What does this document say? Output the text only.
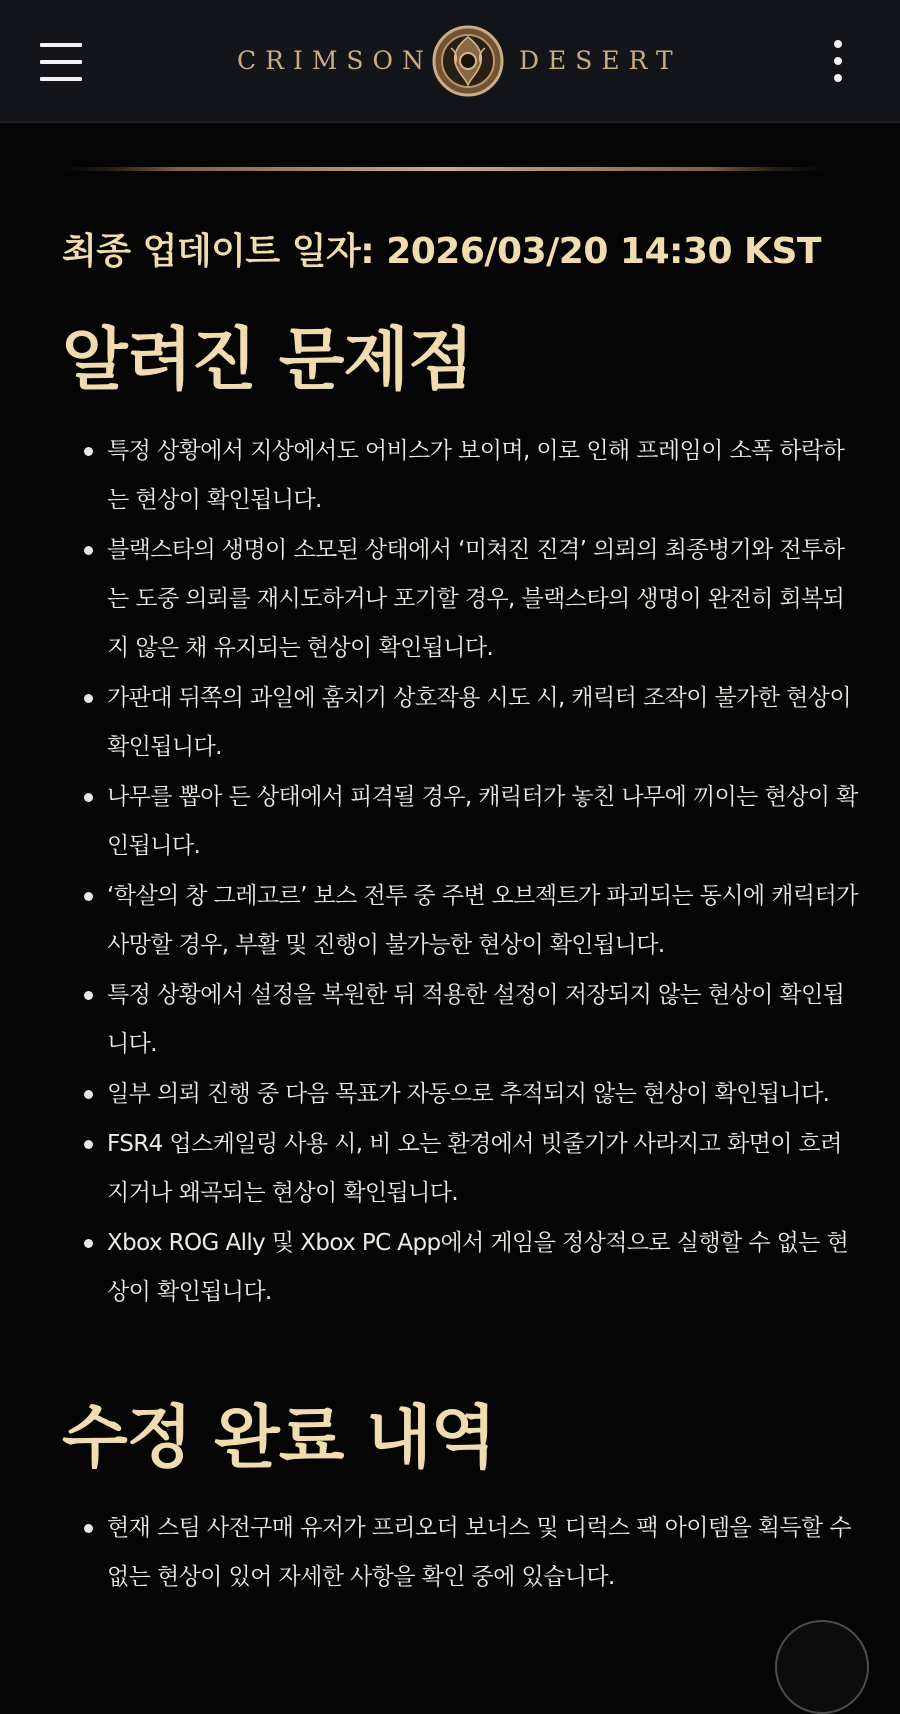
CRIMSON	DESERT
최종 업데이트 일자: 2026/03/20 14:30 KST
알려진 문제점
특정 상황에서 지상에서도 어비스가 보이며, 이로 인해 프레임이 소폭 하락하는 현상이 확인됩니다.
블랙스타의 생명이 소모된 상태에서 ‘미쳐진 진격’ 의뢰의 최종병기와 전투하는 도중 의뢰를 재시도하거나 포기할 경우, 블랙스타의 생명이 완전히 회복되지 않은 채 유지되는 현상이 확인됩니다.
가판대 뒤쪽의 과일에 훔치기 상호작용 시도 시, 캐릭터 조작이 불가한 현상이 확인됩니다.
나무를 뽑아 든 상태에서 피격될 경우, 캐릭터가 놓친 나무에 끼이는 현상이 확인됩니다.
‘학살의 창 그레고르’ 보스 전투 중 주변 오브젝트가 파괴되는 동시에 캐릭터가 사망할 경우, 부활 및 진행이 불가능한 현상이 확인됩니다.
특정 상황에서 설정을 복원한 뒤 적용한 설정이 저장되지 않는 현상이 확인됩니다.
일부 의뢰 진행 중 다음 목표가 자동으로 추적되지 않는 현상이 확인됩니다.
FSR4 업스케일링 사용 시, 비 오는 환경에서 빗줄기가 사라지고 화면이 흐려지거나 왜곡되는 현상이 확인됩니다.
Xbox ROG Ally 및 Xbox PC App에서 게임을 정상적으로 실행할 수 없는 현상이 확인됩니다.
수정 완료 내역
현재 스팀 사전구매 유저가 프리오더 보너스 및 디럭스 팩 아이템을 획득할 수 없는 현상이 있어 자세한 사항을 확인 중에 있습니다.
